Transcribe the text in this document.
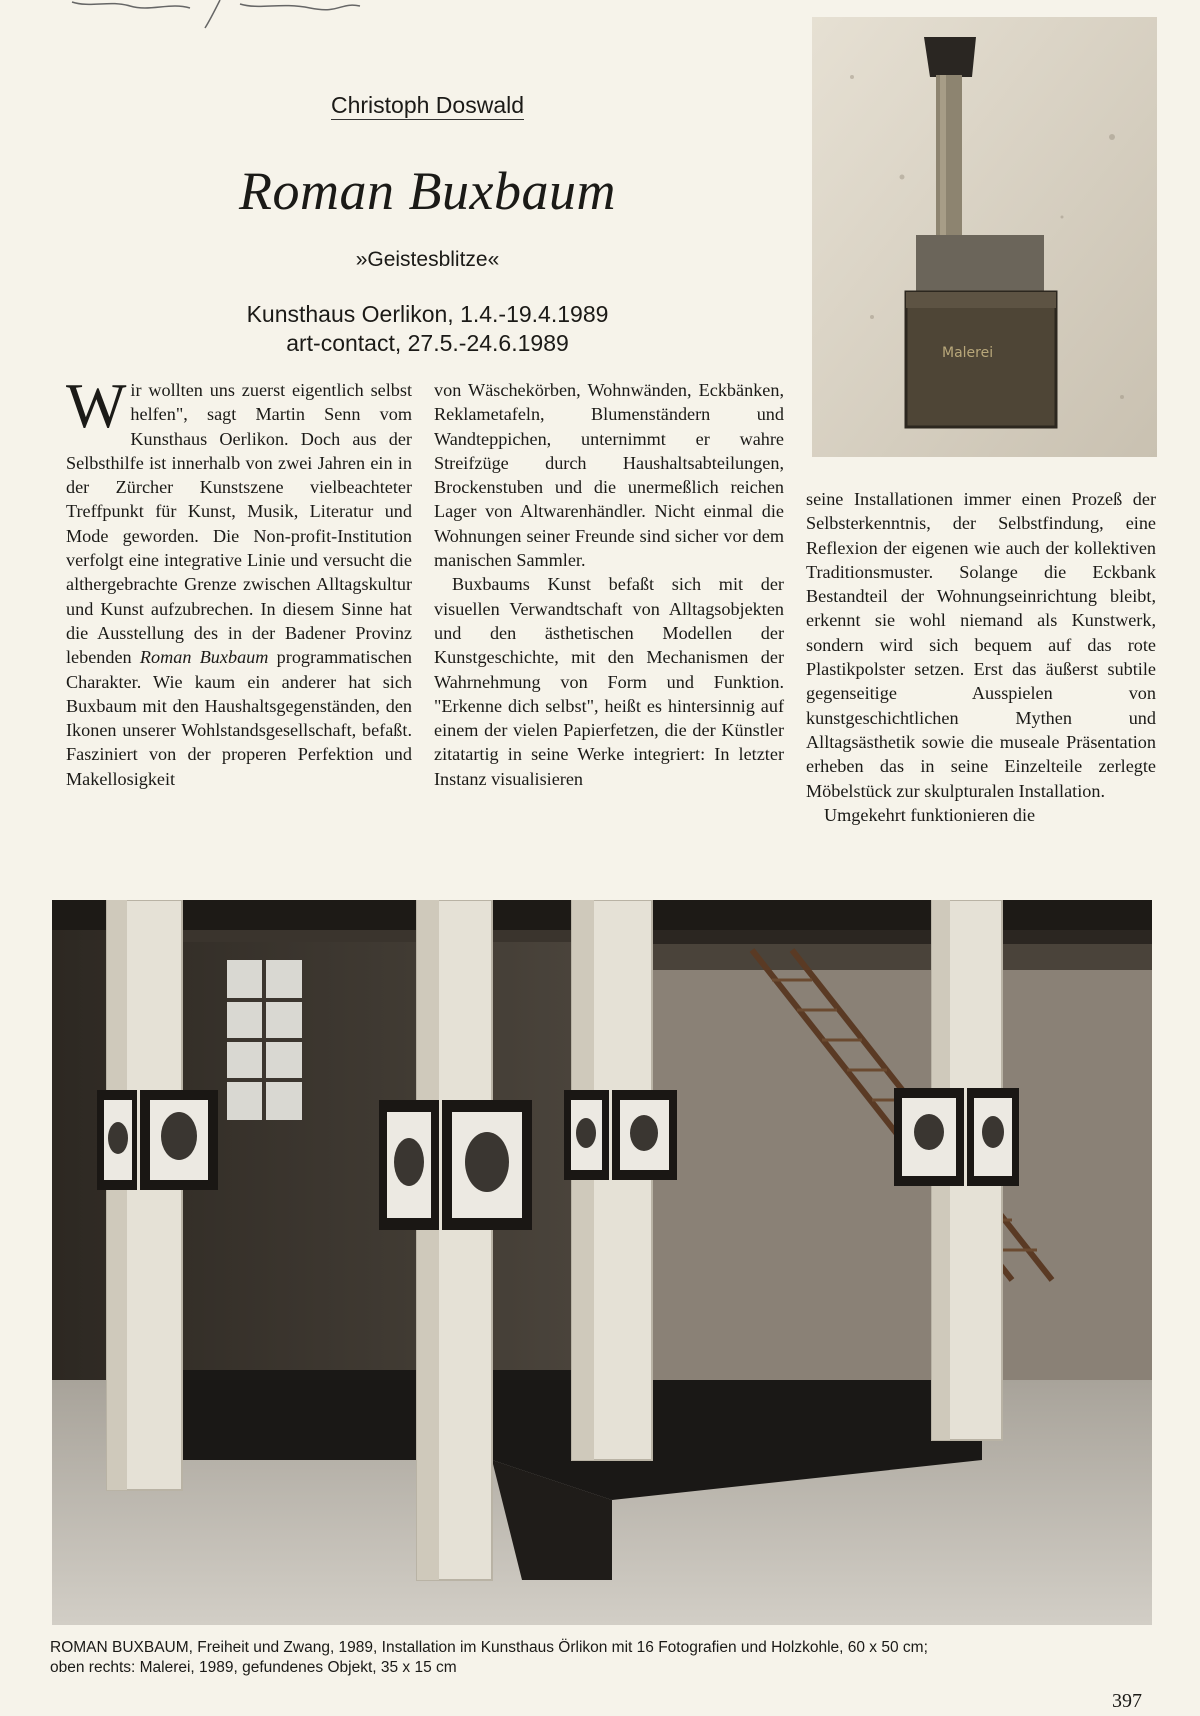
Christoph Doswald
Roman Buxbaum
»Geistesblitze«
Kunsthaus Oerlikon, 1.4.-19.4.1989
art-contact, 27.5.-24.6.1989	Malerei

Wir wollten uns zuerst eigentlich selbst helfen", sagt Martin Senn vom Kunsthaus Oerlikon. Doch aus der Selbsthilfe ist innerhalb von zwei Jahren ein in der Zürcher Kunstszene vielbeachteter Treffpunkt für Kunst, Musik, Literatur und Mode geworden. Die Non-profit-Institution verfolgt eine integrative Linie und versucht die althergebrachte Grenze zwischen Alltagskultur und Kunst aufzubrechen. In diesem Sinne hat die Ausstellung des in der Badener Provinz lebenden Roman Buxbaum programmatischen Charakter. Wie kaum ein anderer hat sich Buxbaum mit den Haushaltsgegenständen, den Ikonen unserer Wohlstandsgesellschaft, befaßt. Fasziniert von der properen Perfektion und Makellosigkeit

von Wäschekörben, Wohnwänden, Eckbänken, Reklametafeln, Blumenständern und Wandteppichen, unternimmt er wahre Streifzüge durch Haushaltsabteilungen, Brockenstuben und die unermeßlich reichen Lager von Altwarenhändler. Nicht einmal die Wohnungen seiner Freunde sind sicher vor dem manischen Sammler.

Buxbaums Kunst befaßt sich mit der visuellen Verwandtschaft von Alltagsobjekten und den ästhetischen Modellen der Kunstgeschichte, mit den Mechanismen der Wahrnehmung von Form und Funktion. "Erkenne dich selbst", heißt es hintersinnig auf einem der vielen Papierfetzen, die der Künstler zitatartig in seine Werke integriert: In letzter Instanz visualisieren

seine Installationen immer einen Prozeß der Selbsterkenntnis, der Selbstfindung, eine Reflexion der eigenen wie auch der kollektiven Traditionsmuster. Solange die Eckbank Bestandteil der Wohnungseinrichtung bleibt, erkennt sie wohl niemand als Kunstwerk, sondern wird sich bequem auf das rote Plastikpolster setzen. Erst das äußerst subtile gegenseitige Ausspielen von kunstgeschichtlichen Mythen und Alltagsästhetik sowie die museale Präsentation erheben das in seine Einzelteile zerlegte Möbelstück zur skulpturalen Installation.

Umgekehrt funktionieren die

ROMAN BUXBAUM, Freiheit und Zwang, 1989, Installation im Kunsthaus Örlikon mit 16 Fotografien und Holzkohle, 60 x 50 cm;
oben rechts: Malerei, 1989, gefundenes Objekt, 35 x 15 cm
397
